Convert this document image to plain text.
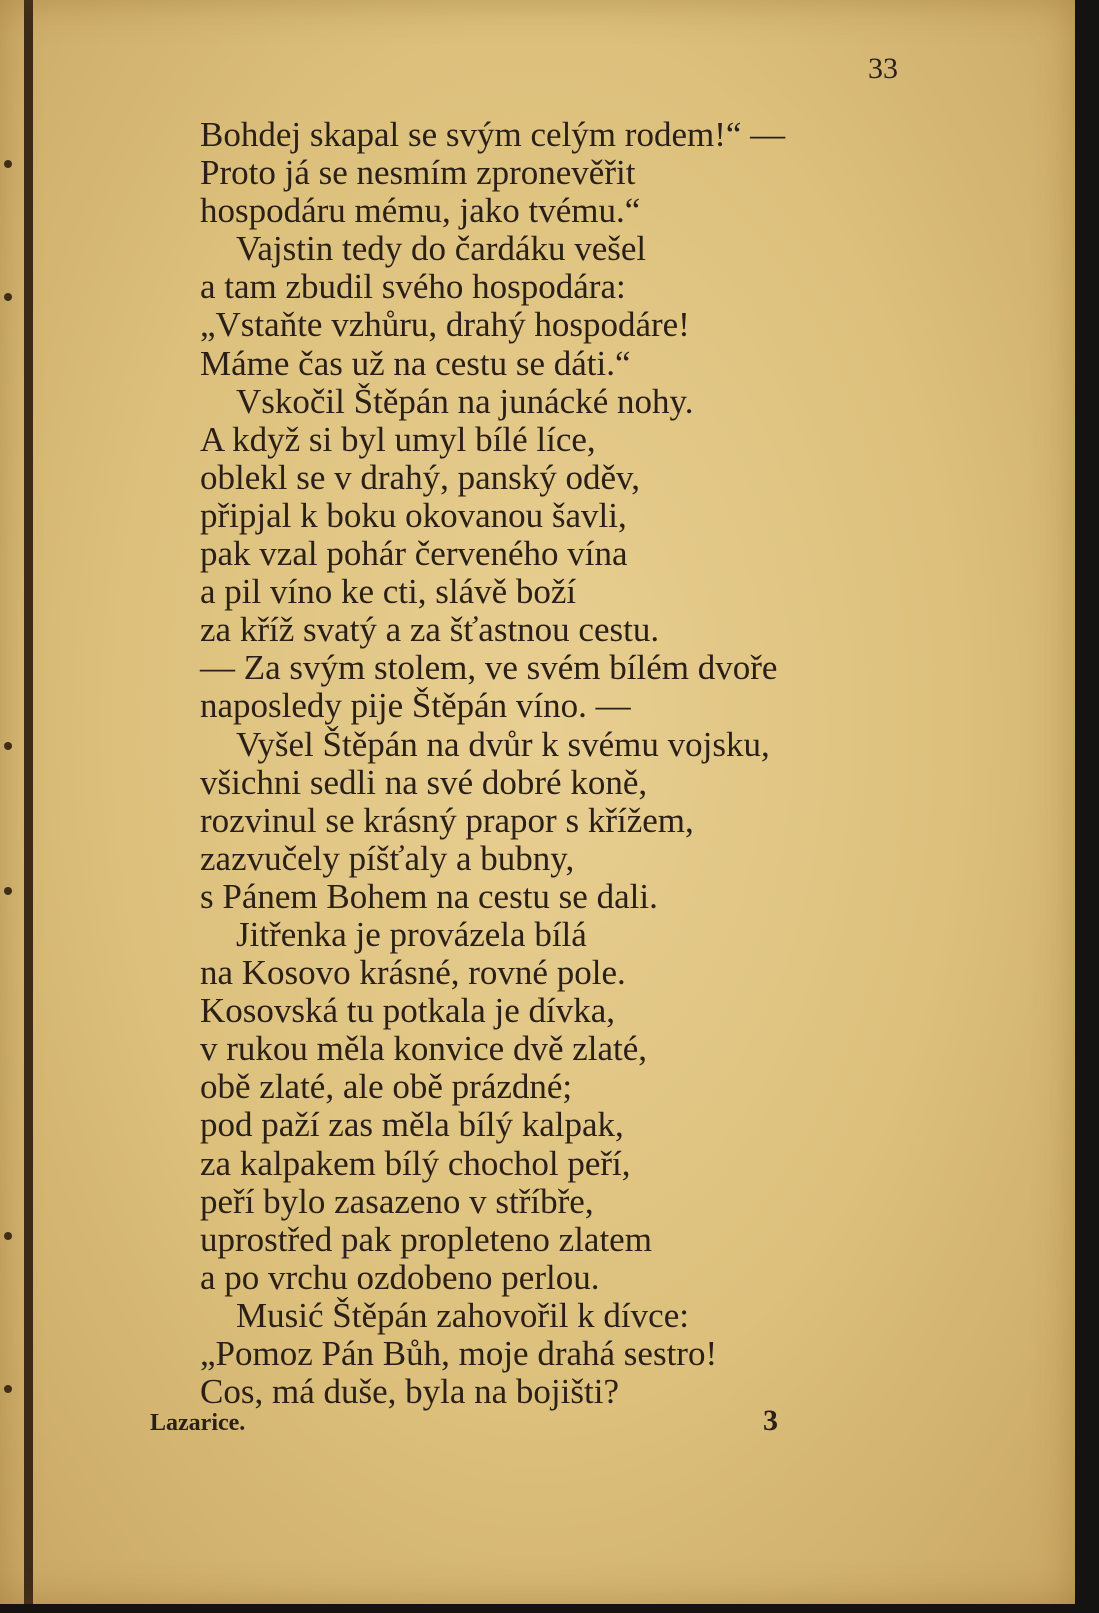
33

Bohdej skapal se svým celým rodem!“ —

Proto já se nesmím zpronevěřit

hospodáru mému, jako tvému.“

Vajstin tedy do čardáku vešel

a tam zbudil svého hospodára:

„Vstaňte vzhůru, drahý hospodáre!

Máme čas už na cestu se dáti.“

Vskočil Štěpán na junácké nohy.

A když si byl umyl bílé líce,

oblekl se v drahý, panský oděv,

připjal k boku okovanou šavli,

pak vzal pohár červeného vína

a pil víno ke cti, slávě boží

za kříž svatý a za šťastnou cestu.

— Za svým stolem, ve svém bílém dvoře

naposledy pije Štěpán víno. —

Vyšel Štěpán na dvůr k svému vojsku,

všichni sedli na své dobré koně,

rozvinul se krásný prapor s křížem,

zazvučely píšťaly a bubny,

s Pánem Bohem na cestu se dali.

Jitřenka je provázela bílá

na Kosovo krásné, rovné pole.

Kosovská tu potkala je dívka,

v rukou měla konvice dvě zlaté,

obě zlaté, ale obě prázdné;

pod paží zas měla bílý kalpak,

za kalpakem bílý chochol peří,

peří bylo zasazeno v stříbře,

uprostřed pak propleteno zlatem

a po vrchu ozdobeno perlou.

Musić Štěpán zahovořil k dívce:

„Pomoz Pán Bůh, moje drahá sestro!

Cos, má duše, byla na bojišti?

Lazarice.	3
